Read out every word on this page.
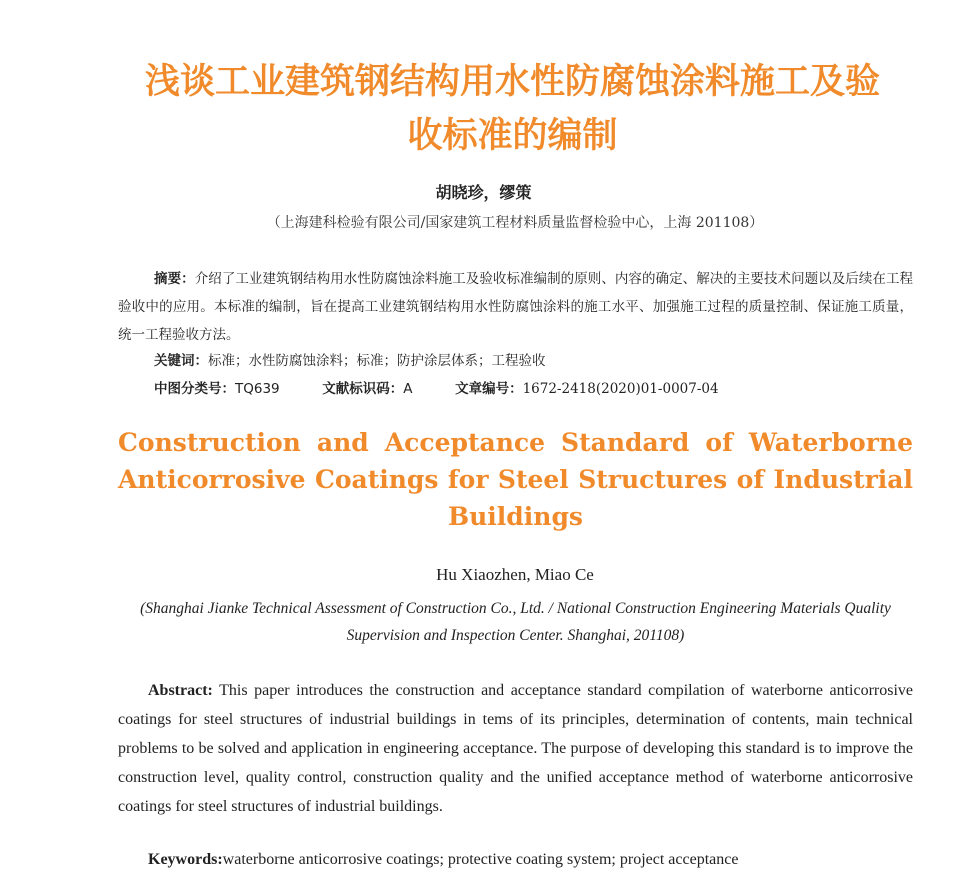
浅谈工业建筑钢结构用水性防腐蚀涂料施工及验
收标准的编制
胡晓珍，缪策
（上海建科检验有限公司/国家建筑工程材料质量监督检验中心，上海 201108）
摘要：介绍了工业建筑钢结构用水性防腐蚀涂料施工及验收标准编制的原则、内容的确定、解决的主要技术问题以及后续在工程验收中的应用。本标准的编制，旨在提高工业建筑钢结构用水性防腐蚀涂料的施工水平、加强施工过程的质量控制、保证施工质量，统一工程验收方法。
关键词：标准；水性防腐蚀涂料；标准；防护涂层体系；工程验收
中图分类号：TQ639	文献标识码：A	文章编号：1672-2418(2020)01-0007-04
Construction and Acceptance Standard of Waterborne
Anticorrosive Coatings for Steel Structures of Industrial
Buildings
Hu Xiaozhen, Miao Ce
(Shanghai Jianke Technical Assessment of Construction Co., Ltd. / National Construction Engineering Materials Quality Supervision and Inspection Center. Shanghai, 201108)
Abstract: This paper introduces the construction and acceptance standard compilation of waterborne anticorrosive coatings for steel structures of industrial buildings in tems of its principles, determination of contents, main technical problems to be solved and application in engineering acceptance. The purpose of developing this standard is to improve the construction level, quality control, construction quality and the unified acceptance method of waterborne anticorrosive coatings for steel structures of industrial buildings.
Keywords:waterborne anticorrosive coatings; protective coating system; project acceptance
